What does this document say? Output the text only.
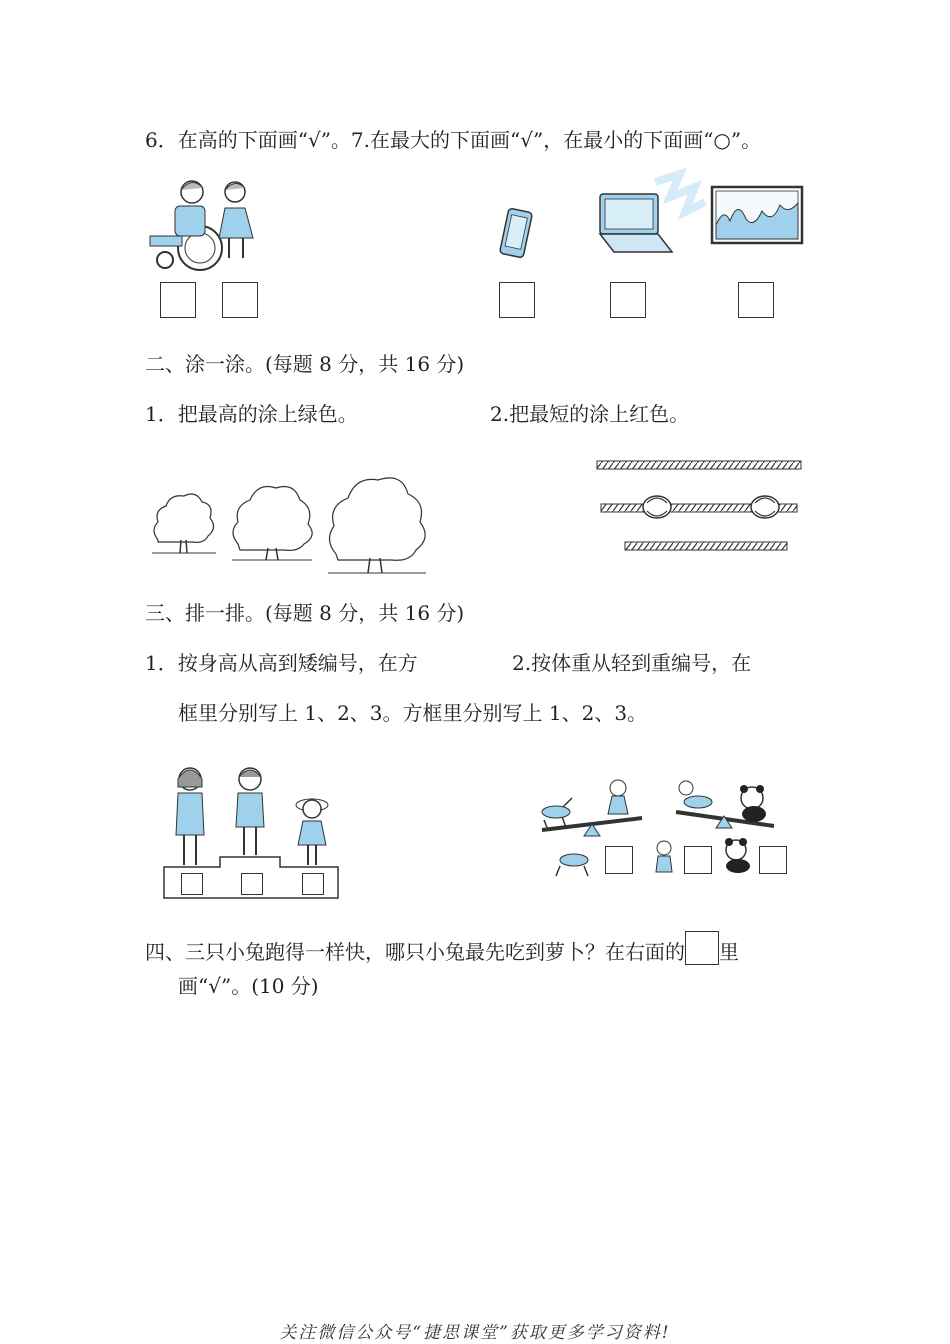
6．在高的下面画“√”。7.在最大的下面画“√”，在最小的下面画“○”。
二、涂一涂。(每题 8 分，共 16 分)
1．把最高的涂上绿色。	2.把最短的涂上红色。
三、排一排。(每题 8 分，共 16 分)
1．按身高从高到矮编号，在方	2.按体重从轻到重编号，在
框里分别写上 1、2、3。方框里分别写上 1、2、3。
四、三只小兔跑得一样快，哪只小兔最先吃到萝卜？在右面的 里
画“√”。(10 分)
关注微信公众号“捷思课堂”获取更多学习资料!
